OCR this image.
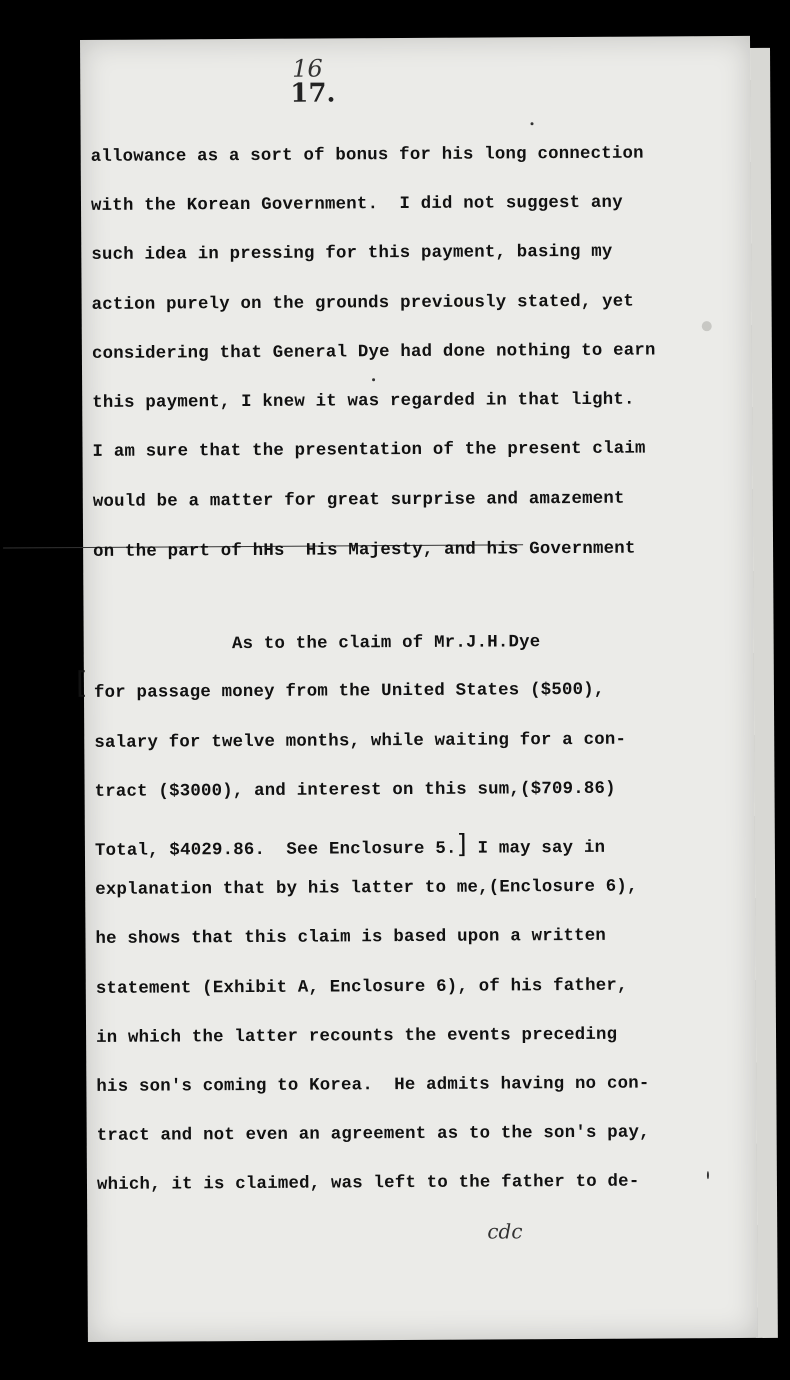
17.
16
allowance as a sort of bonus for his long connection
with the Korean Government.  I did not suggest any
such idea in pressing for this payment, basing my
action purely on the grounds previously stated, yet
considering that General Dye had done nothing to earn
this payment, I knew it was regarded in that light.
I am sure that the presentation of the present claim
would be a matter for great surprise and amazement
on the part of hHs  His Majesty, and his Government
As to the claim of Mr.J.H.Dye
[ for passage money from the United States ($500),
salary for twelve months, while waiting for a con-
tract ($3000), and interest on this sum,($709.86)
Total, $4029.86.  See Enclosure 5.] I may say in
explanation that by his latter to me,(Enclosure 6),
he shows that this claim is based upon a written
statement (Exhibit A, Enclosure 6), of his father,
in which the latter recounts the events preceding
his son's coming to Korea.  He admits having no con-
tract and not even an agreement as to the son's pay,
which, it is claimed, was left to the father to de-
cdc
